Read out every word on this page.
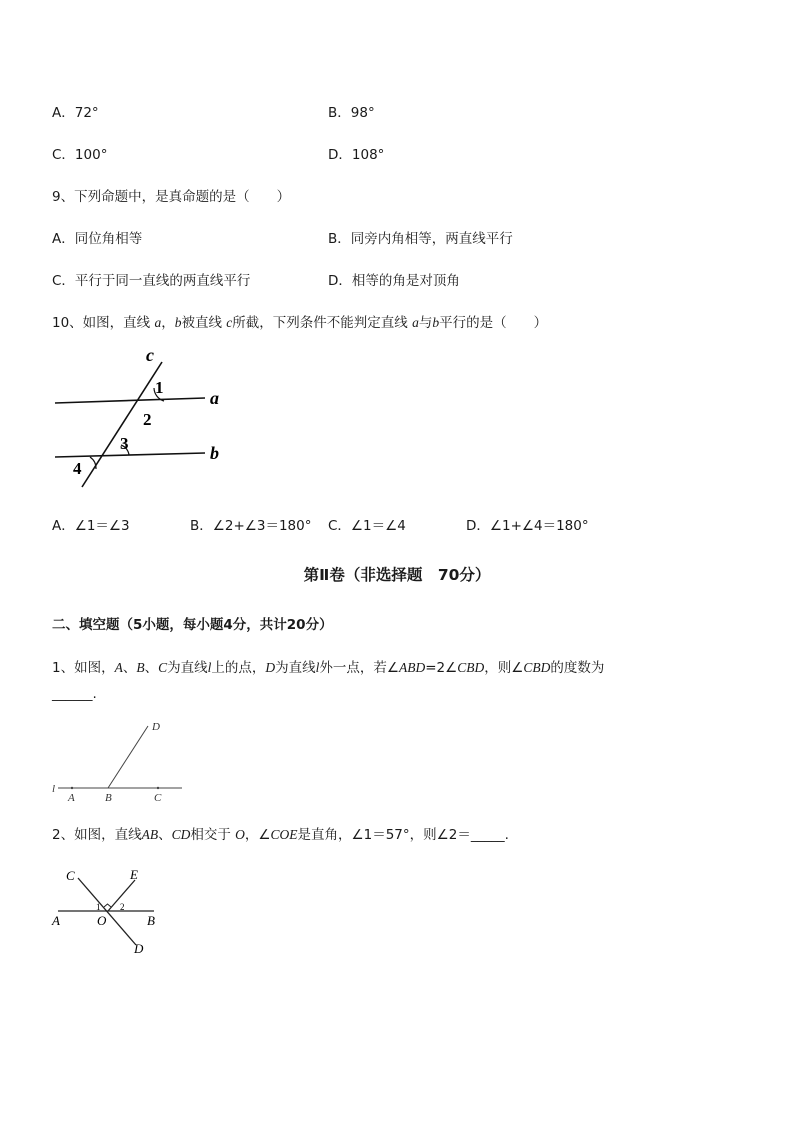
A．72°	B．98°
C．100°	D．108°
9、下列命题中，是真命题的是（　　）
A．同位角相等	B．同旁内角相等，两直线平行
C．平行于同一直线的两直线平行	D．相等的角是对顶角
10、如图，直线 a，b被直线 c所截，下列条件不能判定直线 a与b平行的是（　　）
c
1
a
2
3	b
4
A．∠1＝∠3	B．∠2+∠3＝180° C．∠1＝∠4	D．∠1+∠4＝180°
第Ⅱ卷（非选择题　70分）
二、填空题（5小题，每小题4分，共计20分）
1、如图，A、B、C为直线l上的点，D为直线l外一点，若∠ABD=2∠CBD，则∠CBD的度数为
______.
l
A	B	C
D
2、如图，直线AB、CD相交于 O，∠COE是直角，∠1＝57°，则∠2＝_____.
C	E
1 2
A	O	B
D
